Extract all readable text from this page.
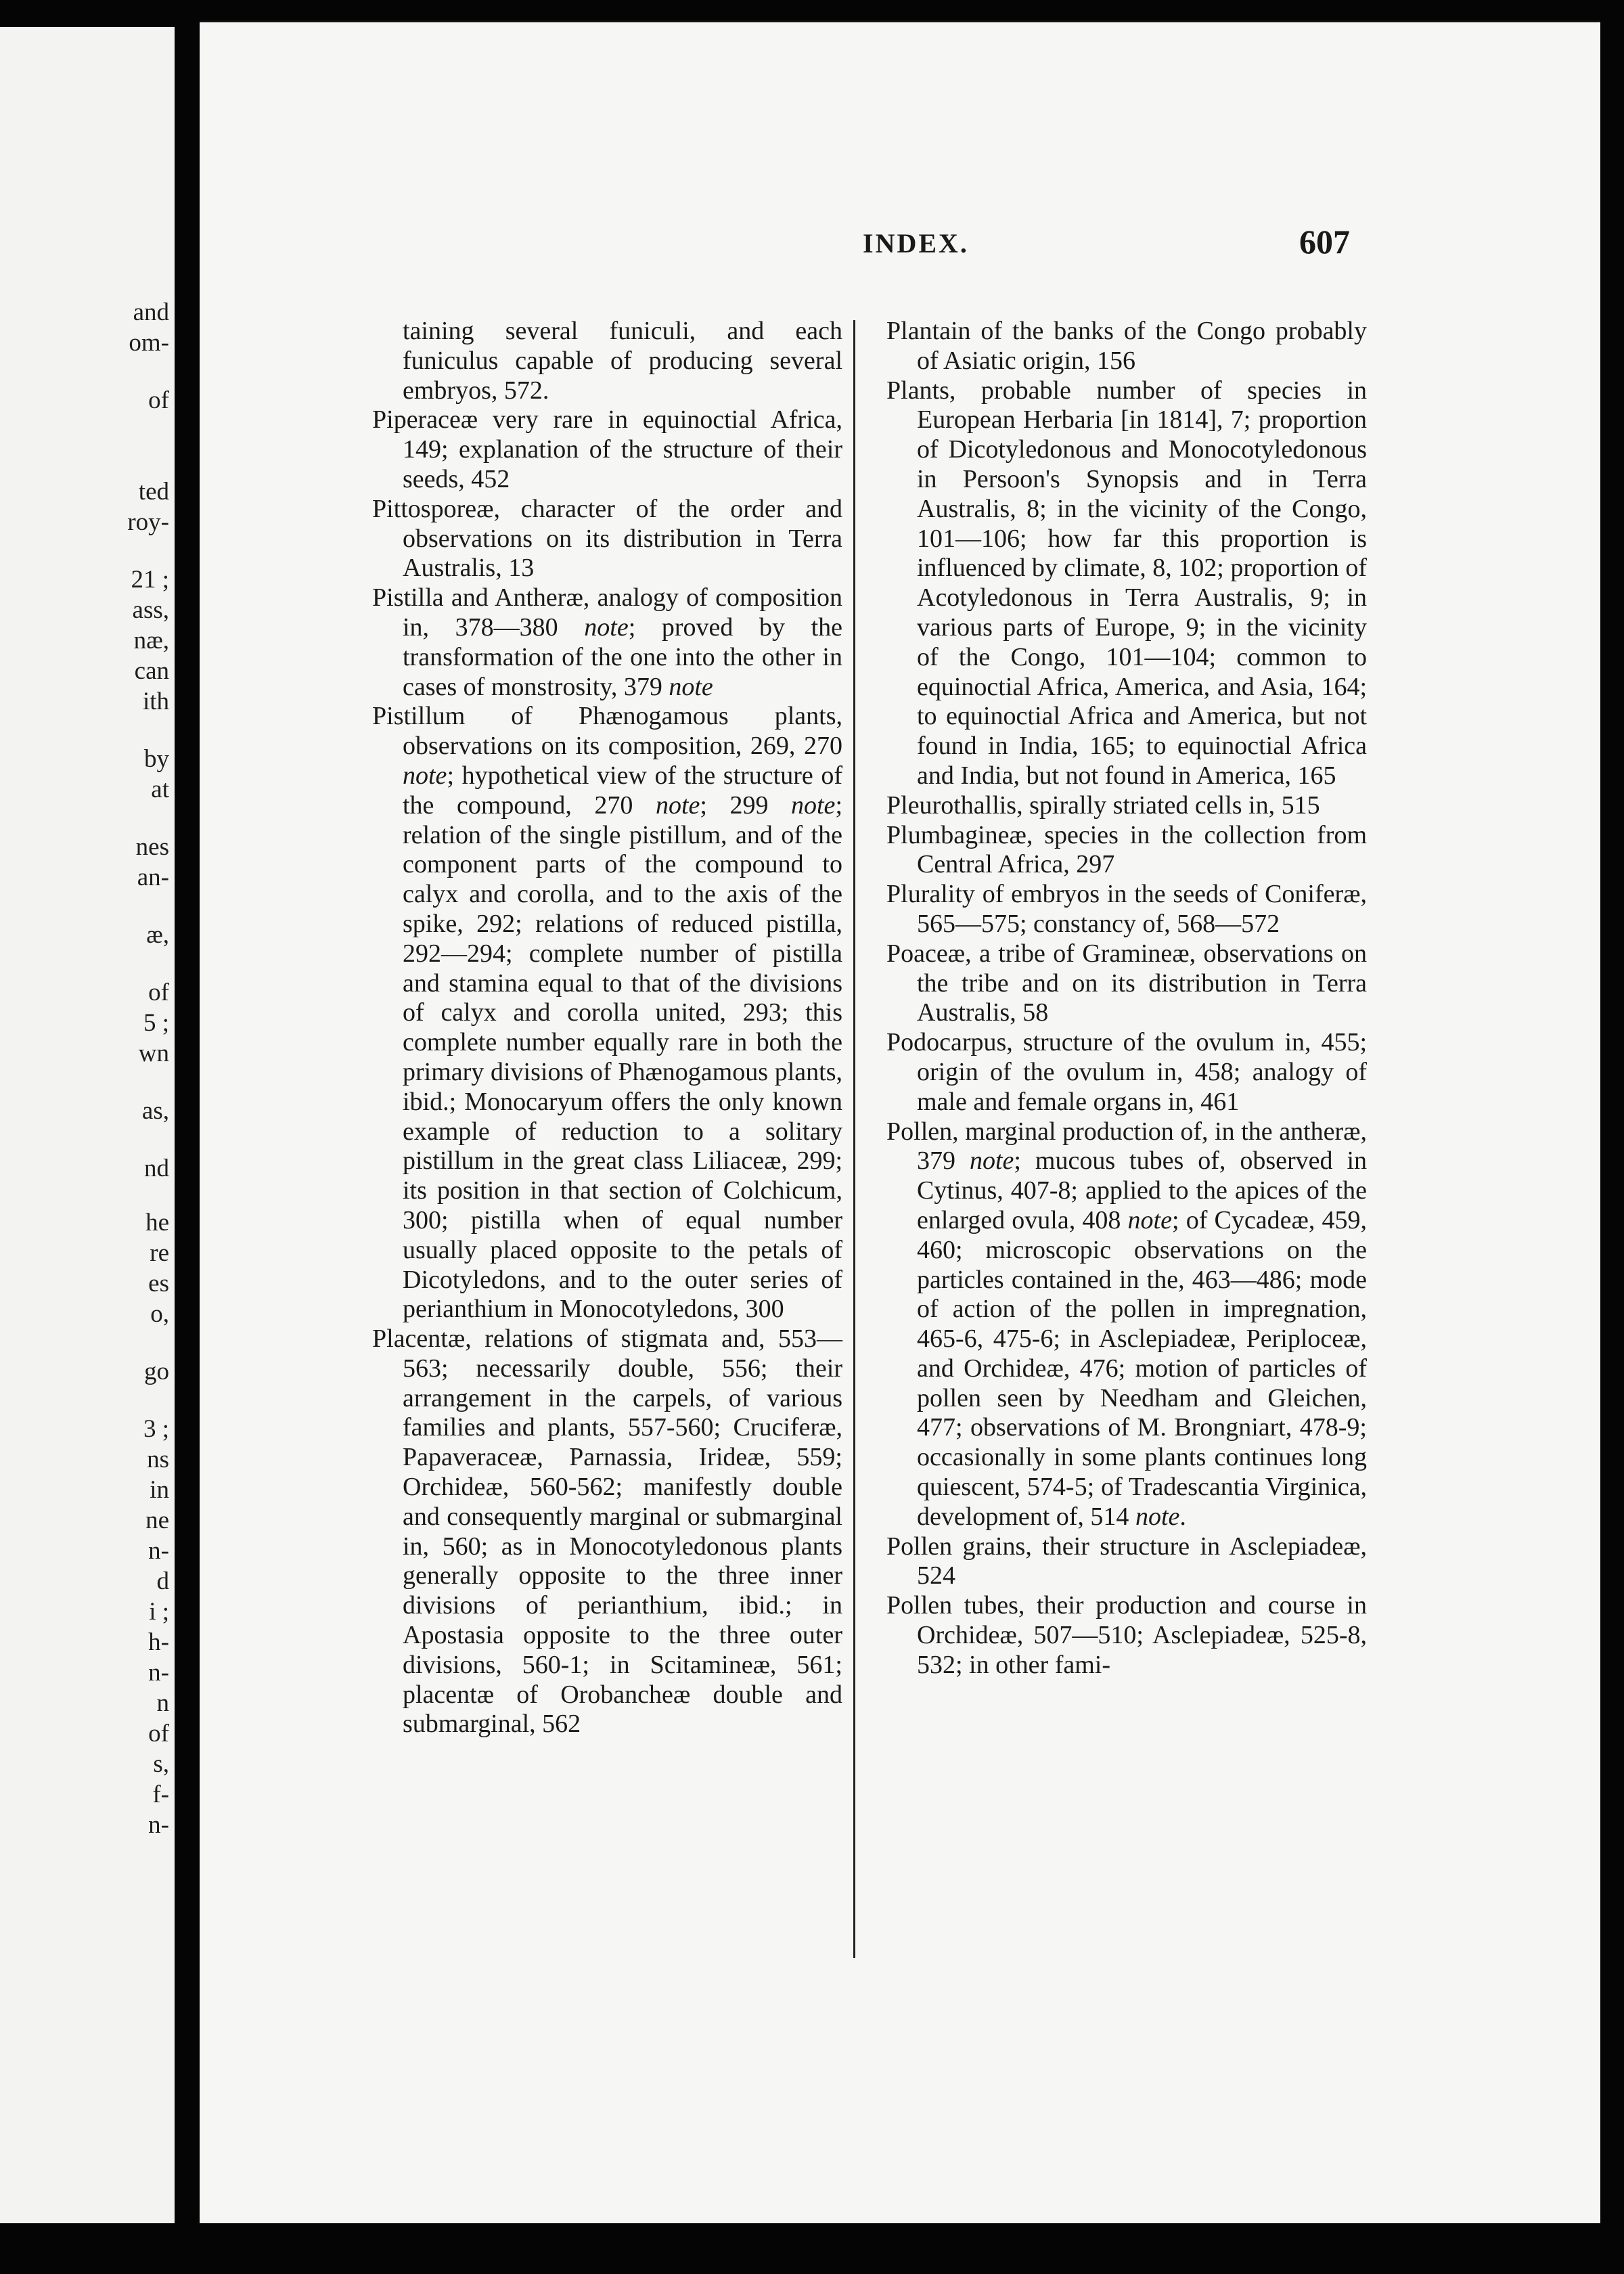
and
om-
of
ted
roy-
21 ;
ass,
næ,
can
ith
by
at
nes
an-
æ,
of
5 ;
wn
as,
nd
he
re
es
o,
go
3 ;
ns
in
ne
n-
d
i ;
h-
n-
n
of
s,
f-
n-
INDEX.	607

taining several funiculi, and each funiculus capable of producing several embryos, 572.

Piperaceæ very rare in equinoctial Africa, 149; explanation of the structure of their seeds, 452

Pittosporeæ, character of the order and observations on its distribution in Terra Australis, 13

Pistilla and Antheræ, analogy of composition in, 378—380 note; proved by the transformation of the one into the other in cases of monstrosity, 379 note

Pistillum of Phænogamous plants, observations on its composition, 269, 270 note; hypothetical view of the structure of the compound, 270 note; 299 note; relation of the single pistillum, and of the component parts of the compound to calyx and corolla, and to the axis of the spike, 292; relations of reduced pistilla, 292—294; complete number of pistilla and stamina equal to that of the divisions of calyx and corolla united, 293; this complete number equally rare in both the primary divisions of Phænogamous plants, ibid.; Monocaryum offers the only known example of reduction to a solitary pistillum in the great class Liliaceæ, 299; its position in that section of Colchicum, 300; pistilla when of equal number usually placed opposite to the petals of Dicotyledons, and to the outer series of perianthium in Monocotyledons, 300

Placentæ, relations of stigmata and, 553—563; necessarily double, 556; their arrangement in the carpels, of various families and plants, 557-560; Cruciferæ, Papaveraceæ, Parnassia, Irideæ, 559; Orchideæ, 560-562; manifestly double and consequently marginal or submarginal in, 560; as in Monocotyledonous plants generally opposite to the three inner divisions of perianthium, ibid.; in Apostasia opposite to the three outer divisions, 560-1; in Scitamineæ, 561; placentæ of Orobancheæ double and submarginal, 562

Plantain of the banks of the Congo probably of Asiatic origin, 156

Plants, probable number of species in European Herbaria [in 1814], 7; proportion of Dicotyledonous and Monocotyledonous in Persoon's Synopsis and in Terra Australis, 8; in the vicinity of the Congo, 101—106; how far this proportion is influenced by climate, 8, 102; proportion of Acotyledonous in Terra Australis, 9; in various parts of Europe, 9; in the vicinity of the Congo, 101—104; common to equinoctial Africa, America, and Asia, 164; to equinoctial Africa and America, but not found in India, 165; to equinoctial Africa and India, but not found in America, 165

Pleurothallis, spirally striated cells in, 515

Plumbagineæ, species in the collection from Central Africa, 297

Plurality of embryos in the seeds of Coniferæ, 565—575; constancy of, 568—572

Poaceæ, a tribe of Gramineæ, observations on the tribe and on its distribution in Terra Australis, 58

Podocarpus, structure of the ovulum in, 455; origin of the ovulum in, 458; analogy of male and female organs in, 461

Pollen, marginal production of, in the antheræ, 379 note; mucous tubes of, observed in Cytinus, 407-8; applied to the apices of the enlarged ovula, 408 note; of Cycadeæ, 459, 460; microscopic observations on the particles contained in the, 463—486; mode of action of the pollen in impregnation, 465-6, 475-6; in Asclepiadeæ, Periploceæ, and Orchideæ, 476; motion of particles of pollen seen by Needham and Gleichen, 477; observations of M. Brongniart, 478-9; occasionally in some plants continues long quiescent, 574-5; of Tradescantia Virginica, development of, 514 note.

Pollen grains, their structure in Asclepiadeæ, 524

Pollen tubes, their production and course in Orchideæ, 507—510; Asclepiadeæ, 525-8, 532; in other fami-
